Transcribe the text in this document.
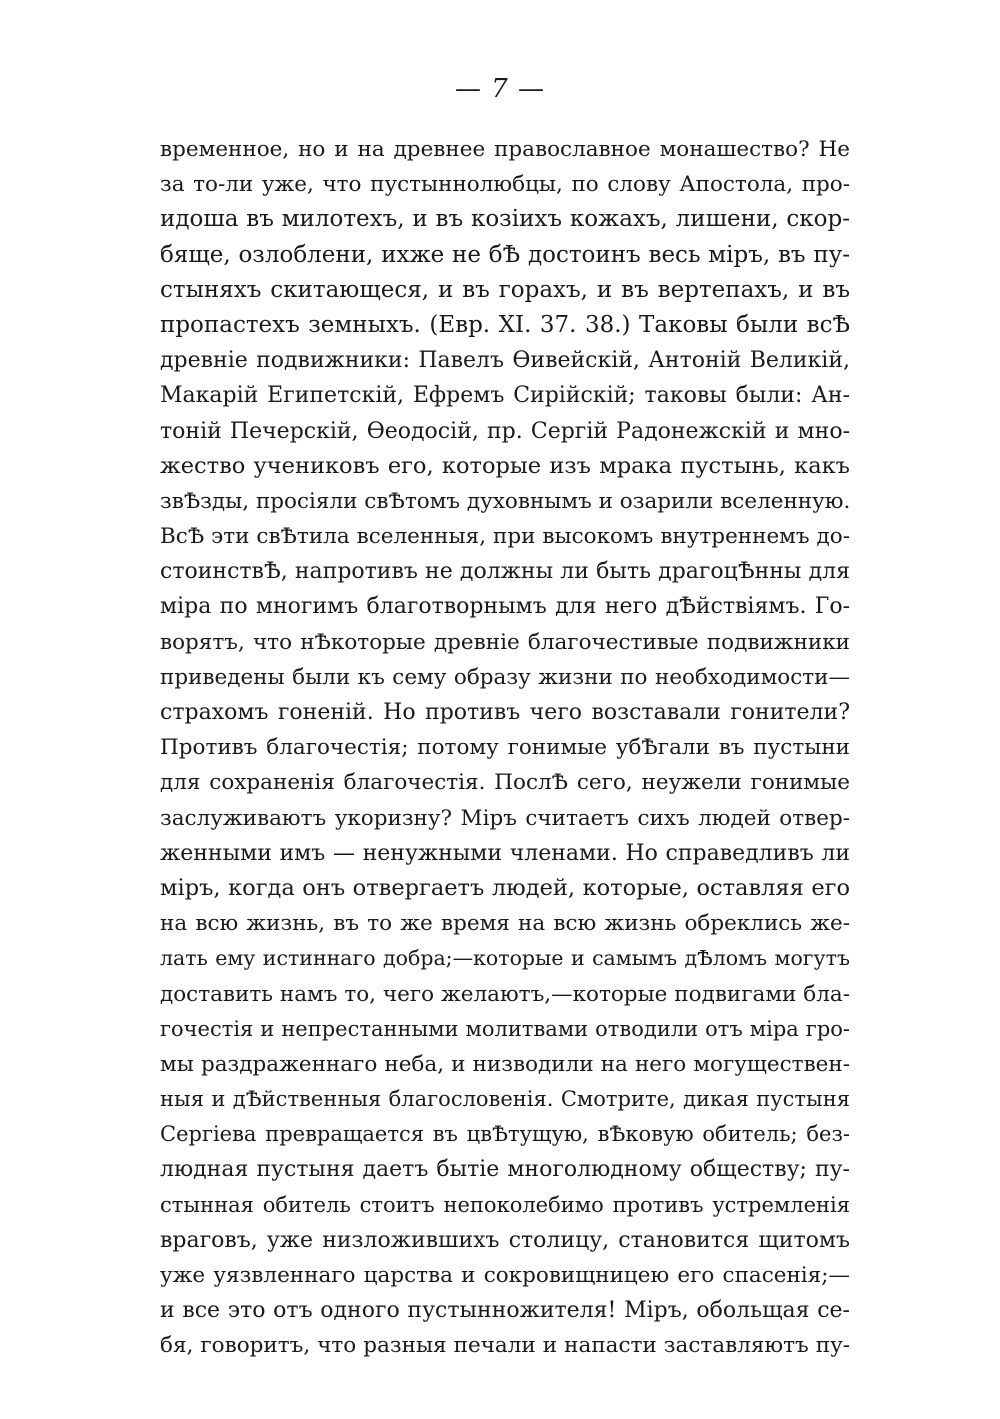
— 7 —
временное, но и на древнее православное монашество? Не
за то-ли уже, что пустыннолюбцы, по слову Апостола, про-
идоша въ милотехъ, и въ козіихъ кожахъ, лишени, скор-
бяще, озлоблени, ихже не бѢ достоинъ весь міръ, въ пу-
стыняхъ скитающеся, и въ горахъ, и въ вертепахъ, и въ
пропастехъ земныхъ. (Евр. XI. 37. 38.) Таковы были всѢ
древніе подвижники: Павелъ Ѳивейскій, Антоній Великій,
Макарій Египетскій, Ефремъ Сирійскій; таковы были: Ан-
тоній Печерскій, Ѳеодосій, пр. Сергій Радонежскій и мно-
жество учениковъ его, которые изъ мрака пустынь, какъ
звѢзды, просіяли свѢтомъ духовнымъ и озарили вселенную.
ВсѢ эти свѢтила вселенныя, при высокомъ внутреннемъ до-
стоинствѢ, напротивъ не должны ли быть драгоцѢнны для
міра по многимъ благотворнымъ для него дѢйствіямъ. Го-
ворятъ, что нѢкоторые древніе благочестивые подвижники
приведены были къ сему образу жизни по необходимости—
страхомъ гоненій. Но противъ чего возставали гонители?
Противъ благочестія; потому гонимые убѢгали въ пустыни
для сохраненія благочестія. ПослѢ сего, неужели гонимые
заслуживаютъ укоризну? Міръ считаетъ сихъ людей отвер-
женными имъ — ненужными членами. Но справедливъ ли
міръ, когда онъ отвергаетъ людей, которые, оставляя его
на всю жизнь, въ то же время на всю жизнь обреклись же-
лать ему истиннаго добра;—которые и самымъ дѢломъ могутъ
доставить намъ то, чего желаютъ,—которые подвигами бла-
гочестія и непрестанными молитвами отводили отъ міра гро-
мы раздраженнаго неба, и низводили на него могуществен-
ныя и дѢйственныя благословенія. Смотрите, дикая пустыня
Сергіева превращается въ цвѢтущую, вѢковую обитель; без-
людная пустыня даетъ бытіе многолюдному обществу; пу-
стынная обитель стоитъ непоколебимо противъ устремленія
враговъ, уже низложившихъ столицу, становится щитомъ
уже уязвленнаго царства и сокровищницею его спасенія;—
и все это отъ одного пустынножителя! Міръ, обольщая се-
бя, говоритъ, что разныя печали и напасти заставляютъ пу-
